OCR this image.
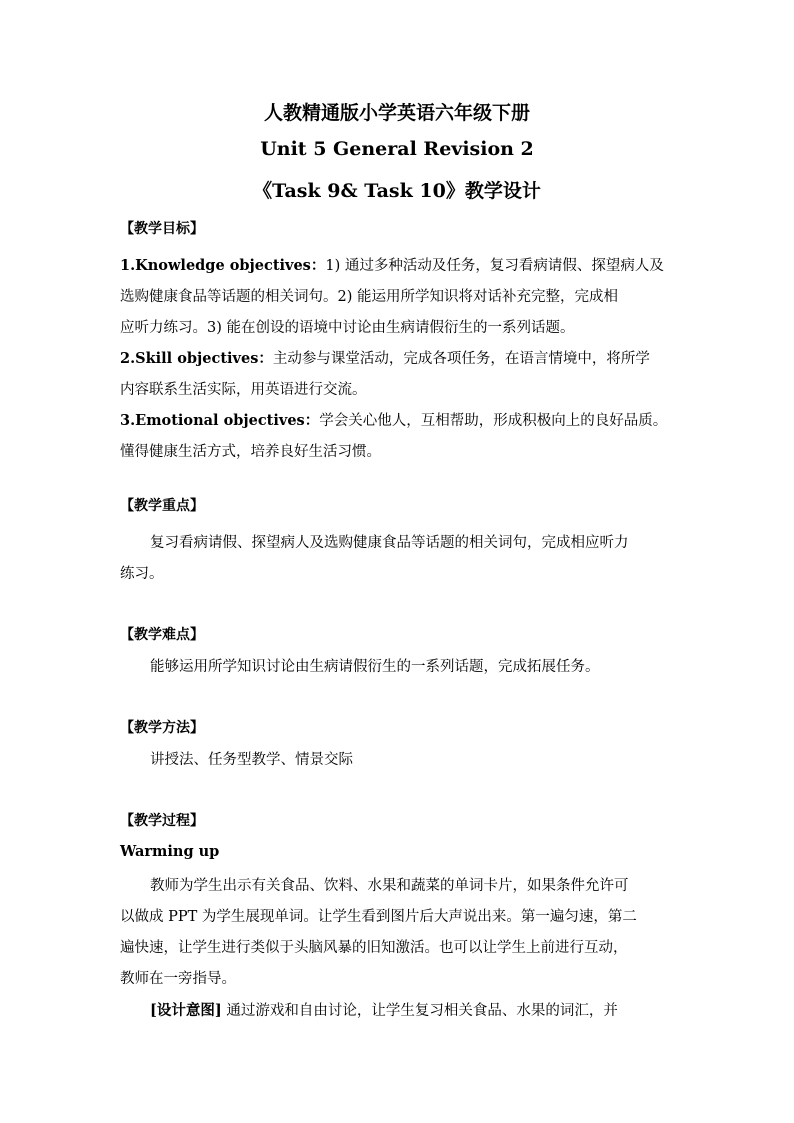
人教精通版小学英语六年级下册
Unit 5 General Revision 2
《Task 9& Task 10》教学设计
【教学目标】
1.Knowledge objectives：1) 通过多种活动及任务，复习看病请假、探望病人及
选购健康食品等话题的相关词句。2) 能运用所学知识将对话补充完整，完成相
应听力练习。3) 能在创设的语境中讨论由生病请假衍生的一系列话题。
2.Skill objectives：主动参与课堂活动，完成各项任务，在语言情境中，将所学
内容联系生活实际，用英语进行交流。
3.Emotional objectives：学会关心他人，互相帮助，形成积极向上的良好品质。
懂得健康生活方式，培养良好生活习惯。
【教学重点】
复习看病请假、探望病人及选购健康食品等话题的相关词句，完成相应听力
练习。
【教学难点】
能够运用所学知识讨论由生病请假衍生的一系列话题，完成拓展任务。
【教学方法】
讲授法、任务型教学、情景交际
【教学过程】
Warming up
教师为学生出示有关食品、饮料、水果和蔬菜的单词卡片，如果条件允许可
以做成 PPT 为学生展现单词。让学生看到图片后大声说出来。第一遍匀速，第二
遍快速，让学生进行类似于头脑风暴的旧知激活。也可以让学生上前进行互动，
教师在一旁指导。
[设计意图] 通过游戏和自由讨论，让学生复习相关食品、水果的词汇，并
